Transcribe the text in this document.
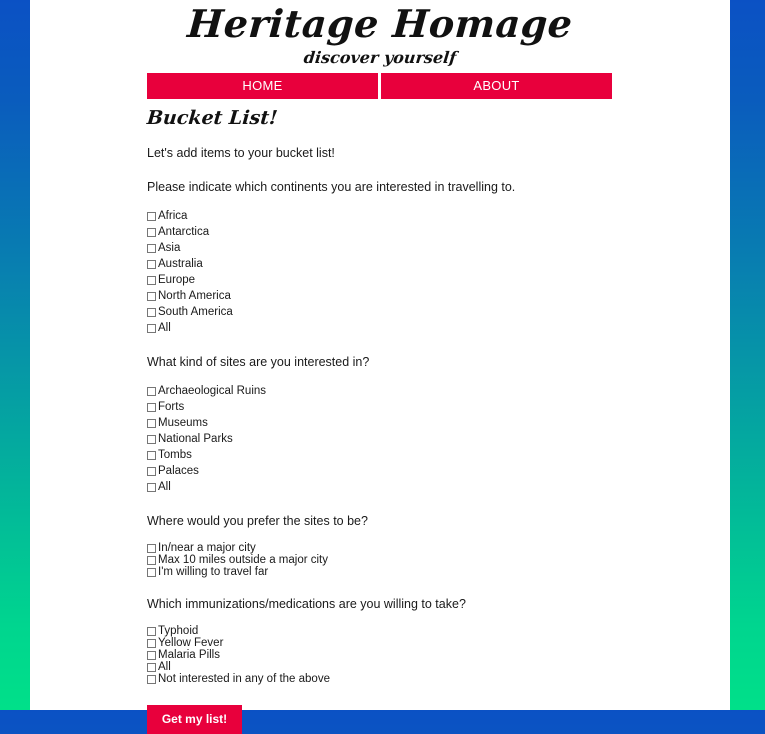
Heritage Homage
discover yourself
HOME	ABOUT
Bucket List!
Let's add items to your bucket list!
Please indicate which continents you are interested in travelling to.
Africa
Antarctica
Asia
Australia
Europe
North America
South America
All
What kind of sites are you interested in?
Archaeological Ruins
Forts
Museums
National Parks
Tombs
Palaces
All
Where would you prefer the sites to be?
In/near a major city
Max 10 miles outside a major city
I'm willing to travel far
Which immunizations/medications are you willing to take?
Typhoid
Yellow Fever
Malaria Pills
All
Not interested in any of the above
Get my list!
